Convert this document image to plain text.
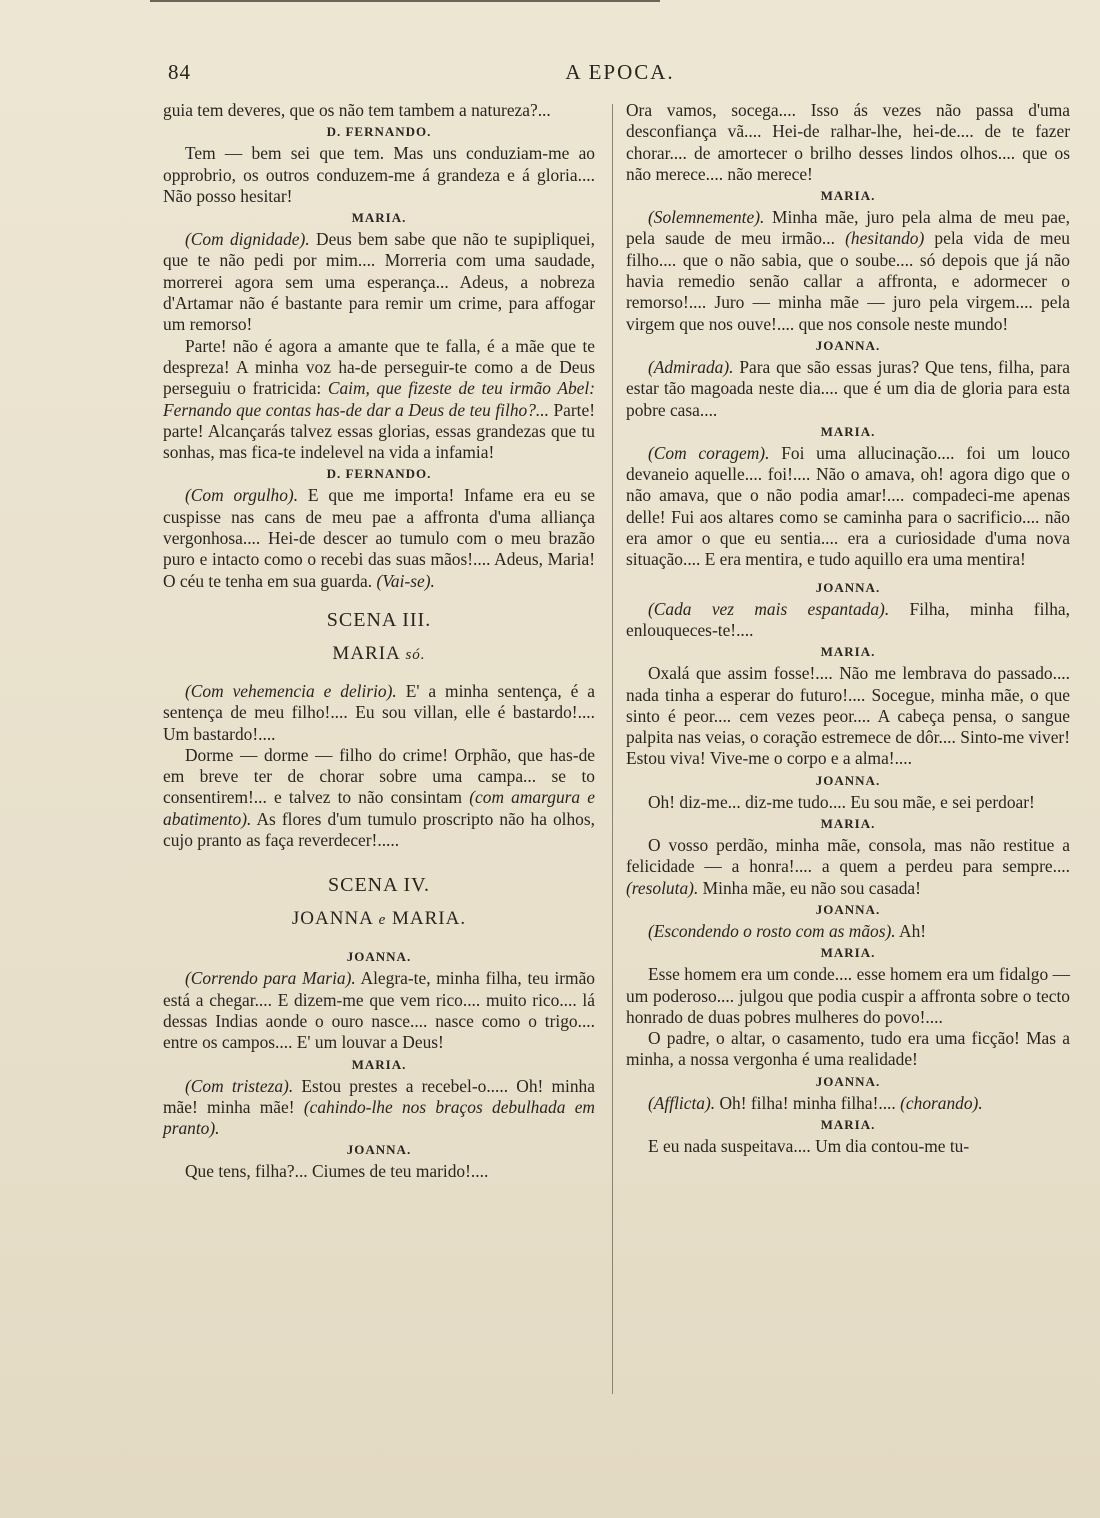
84	A EPOCA.

guia tem deveres, que os não tem tambem a natureza?...

D. FERNANDO.

Tem — bem sei que tem. Mas uns conduziam-me ao opprobrio, os outros conduzem-me á grandeza e á gloria.... Não posso hesitar!

MARIA.

(Com dignidade). Deus bem sabe que não te supipliquei, que te não pedi por mim.... Morreria com uma saudade, morrerei agora sem uma esperança... Adeus, a nobreza d'Artamar não é bastante para remir um crime, para affogar um remorso!

Parte! não é agora a amante que te falla, é a mãe que te despreza! A minha voz ha-de perseguir-te como a de Deus perseguiu o fratricida: Caim, que fizeste de teu irmão Abel: Fernando que contas has-de dar a Deus de teu filho?... Parte! parte! Alcançarás talvez essas glorias, essas grandezas que tu sonhas, mas fica-te indelevel na vida a infamia!

D. FERNANDO.

(Com orgulho). E que me importa! Infame era eu se cuspisse nas cans de meu pae a affronta d'uma alliança vergonhosa.... Hei-de descer ao tumulo com o meu brazão puro e intacto como o recebi das suas mãos!.... Adeus, Maria! O céu te tenha em sua guarda. (Vai-se).

SCENA III.
MARIA só.

(Com vehemencia e delirio). E' a minha sentença, é a sentença de meu filho!.... Eu sou villan, elle é bastardo!.... Um bastardo!....

Dorme — dorme — filho do crime! Orphão, que has-de em breve ter de chorar sobre uma campa... se to consentirem!... e talvez to não consintam (com amargura e abatimento). As flores d'um tumulo proscripto não ha olhos, cujo pranto as faça reverdecer!.....

SCENA IV.
JOANNA e MARIA.
JOANNA.

(Correndo para Maria). Alegra-te, minha filha, teu irmão está a chegar.... E dizem-me que vem rico.... muito rico.... lá dessas Indias aonde o ouro nasce.... nasce como o trigo.... entre os campos.... E' um louvar a Deus!

MARIA.

(Com tristeza). Estou prestes a recebel-o..... Oh! minha mãe! minha mãe! (cahindo-lhe nos braços debulhada em pranto).

JOANNA.

Que tens, filha?... Ciumes de teu marido!....

Ora vamos, socega.... Isso ás vezes não passa d'uma desconfiança vã.... Hei-de ralhar-lhe, hei-de.... de te fazer chorar.... de amortecer o brilho desses lindos olhos.... que os não merece.... não merece!

MARIA.

(Solemnemente). Minha mãe, juro pela alma de meu pae, pela saude de meu irmão... (hesitando) pela vida de meu filho.... que o não sabia, que o soube.... só depois que já não havia remedio senão callar a affronta, e adormecer o remorso!.... Juro — minha mãe — juro pela virgem.... pela virgem que nos ouve!.... que nos console neste mundo!

JOANNA.

(Admirada). Para que são essas juras? Que tens, filha, para estar tão magoada neste dia.... que é um dia de gloria para esta pobre casa....

MARIA.

(Com coragem). Foi uma allucinação.... foi um louco devaneio aquelle.... foi!.... Não o amava, oh! agora digo que o não amava, que o não podia amar!.... compadeci-me apenas delle! Fui aos altares como se caminha para o sacrificio.... não era amor o que eu sentia.... era a curiosidade d'uma nova situação.... E era mentira, e tudo aquillo era uma mentira!

JOANNA.

(Cada vez mais espantada). Filha, minha filha, enlouqueces-te!....

MARIA.

Oxalá que assim fosse!.... Não me lembrava do passado.... nada tinha a esperar do futuro!.... Socegue, minha mãe, o que sinto é peor.... cem vezes peor.... A cabeça pensa, o sangue palpita nas veias, o coração estremece de dôr.... Sinto-me viver! Estou viva! Vive-me o corpo e a alma!....

JOANNA.

Oh! diz-me... diz-me tudo.... Eu sou mãe, e sei perdoar!

MARIA.

O vosso perdão, minha mãe, consola, mas não restitue a felicidade — a honra!.... a quem a perdeu para sempre.... (resoluta). Minha mãe, eu não sou casada!

JOANNA.

(Escondendo o rosto com as mãos). Ah!

MARIA.

Esse homem era um conde.... esse homem era um fidalgo — um poderoso.... julgou que podia cuspir a affronta sobre o tecto honrado de duas pobres mulheres do povo!....

O padre, o altar, o casamento, tudo era uma ficção! Mas a minha, a nossa vergonha é uma realidade!

JOANNA.

(Afflicta). Oh! filha! minha filha!.... (chorando).

MARIA.

E eu nada suspeitava.... Um dia contou-me tu-
